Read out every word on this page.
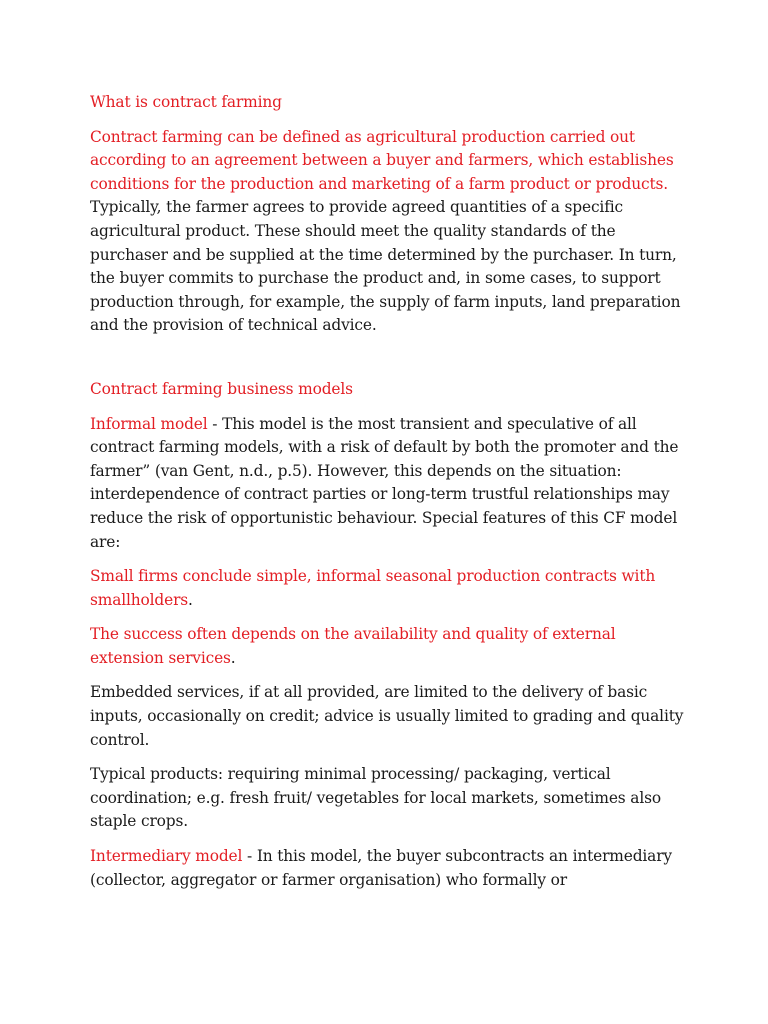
What is contract farming

Contract farming can be defined as agricultural production carried out according to an agreement between a buyer and farmers, which establishes conditions for the production and marketing of a farm product or products. Typically, the farmer agrees to provide agreed quantities of a specific agricultural product. These should meet the quality standards of the purchaser and be supplied at the time determined by the purchaser. In turn, the buyer commits to purchase the product and, in some cases, to support production through, for example, the supply of farm inputs, land preparation and the provision of technical advice.

Contract farming business models

Informal model - This model is the most transient and speculative of all contract farming models, with a risk of default by both the promoter and the farmer” (van Gent, n.d., p.5). However, this depends on the situation: interdependence of contract parties or long-term trustful relationships may reduce the risk of opportunistic behaviour. Special features of this CF model are:

Small firms conclude simple, informal seasonal production contracts with smallholders.

The success often depends on the availability and quality of external extension services.

Embedded services, if at all provided, are limited to the delivery of basic inputs, occasionally on credit; advice is usually limited to grading and quality control.

Typical products: requiring minimal processing/ packaging, vertical coordination; e.g. fresh fruit/ vegetables for local markets, sometimes also staple crops.

Intermediary model - In this model, the buyer subcontracts an intermediary (collector, aggregator or farmer organisation) who formally or
